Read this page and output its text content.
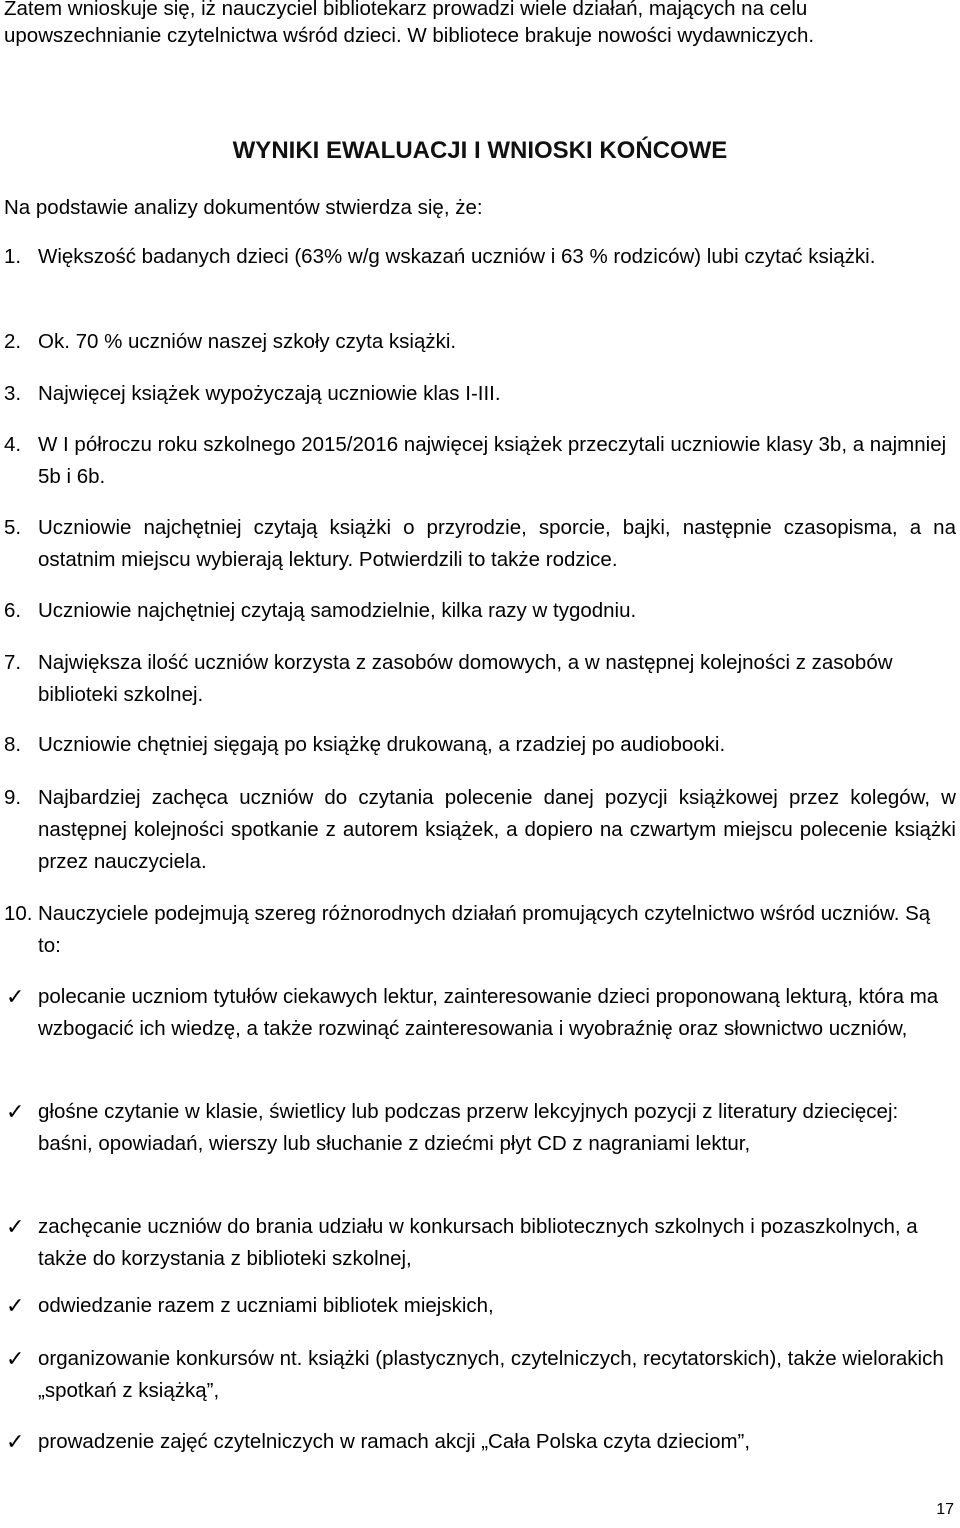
Zatem wnioskuje się, iż nauczyciel bibliotekarz prowadzi wiele działań, mających na celu upowszechnianie czytelnictwa wśród dzieci. W bibliotece brakuje nowości wydawniczych.
WYNIKI EWALUACJI I WNIOSKI KOŃCOWE
Na podstawie analizy dokumentów stwierdza się, że:
1. Większość badanych dzieci (63% w/g wskazań uczniów i 63 % rodziców) lubi czytać książki.
2. Ok. 70 % uczniów naszej szkoły czyta książki.
3. Najwięcej książek wypożyczają uczniowie klas I-III.
4. W I półroczu roku szkolnego 2015/2016 najwięcej książek przeczytali uczniowie klasy 3b, a najmniej 5b i 6b.
5. Uczniowie najchętniej czytają książki o przyrodzie, sporcie, bajki, następnie czasopisma, a na ostatnim miejscu wybierają lektury. Potwierdzili to także rodzice.
6. Uczniowie najchętniej czytają samodzielnie, kilka razy w tygodniu.
7. Największa ilość uczniów korzysta z zasobów domowych, a w następnej kolejności z zasobów biblioteki szkolnej.
8. Uczniowie chętniej sięgają po książkę drukowaną, a rzadziej po audiobooki.
9. Najbardziej zachęca uczniów do czytania polecenie danej pozycji książkowej przez kolegów, w następnej kolejności spotkanie z autorem książek, a dopiero na czwartym miejscu polecenie książki przez nauczyciela.
10. Nauczyciele podejmują szereg różnorodnych działań promujących czytelnictwo wśród uczniów. Są to:
✓ polecanie uczniom tytułów ciekawych lektur, zainteresowanie dzieci proponowaną lekturą, która ma wzbogacić ich wiedzę, a także rozwinąć zainteresowania i wyobraźnię oraz słownictwo uczniów,
✓ głośne czytanie w klasie, świetlicy lub podczas przerw lekcyjnych pozycji z literatury dziecięcej: baśni, opowiadań, wierszy lub słuchanie z dziećmi płyt CD z nagraniami lektur,
✓ zachęcanie uczniów do brania udziału w konkursach bibliotecznych szkolnych i pozaszkolnych, a także do korzystania z biblioteki szkolnej,
✓ odwiedzanie razem z uczniami bibliotek miejskich,
✓ organizowanie konkursów nt. książki (plastycznych, czytelniczych, recytatorskich), także wielorakich „spotkań z książką”,
✓ prowadzenie zajęć czytelniczych w ramach akcji „Cała Polska czyta dzieciom”,
17
